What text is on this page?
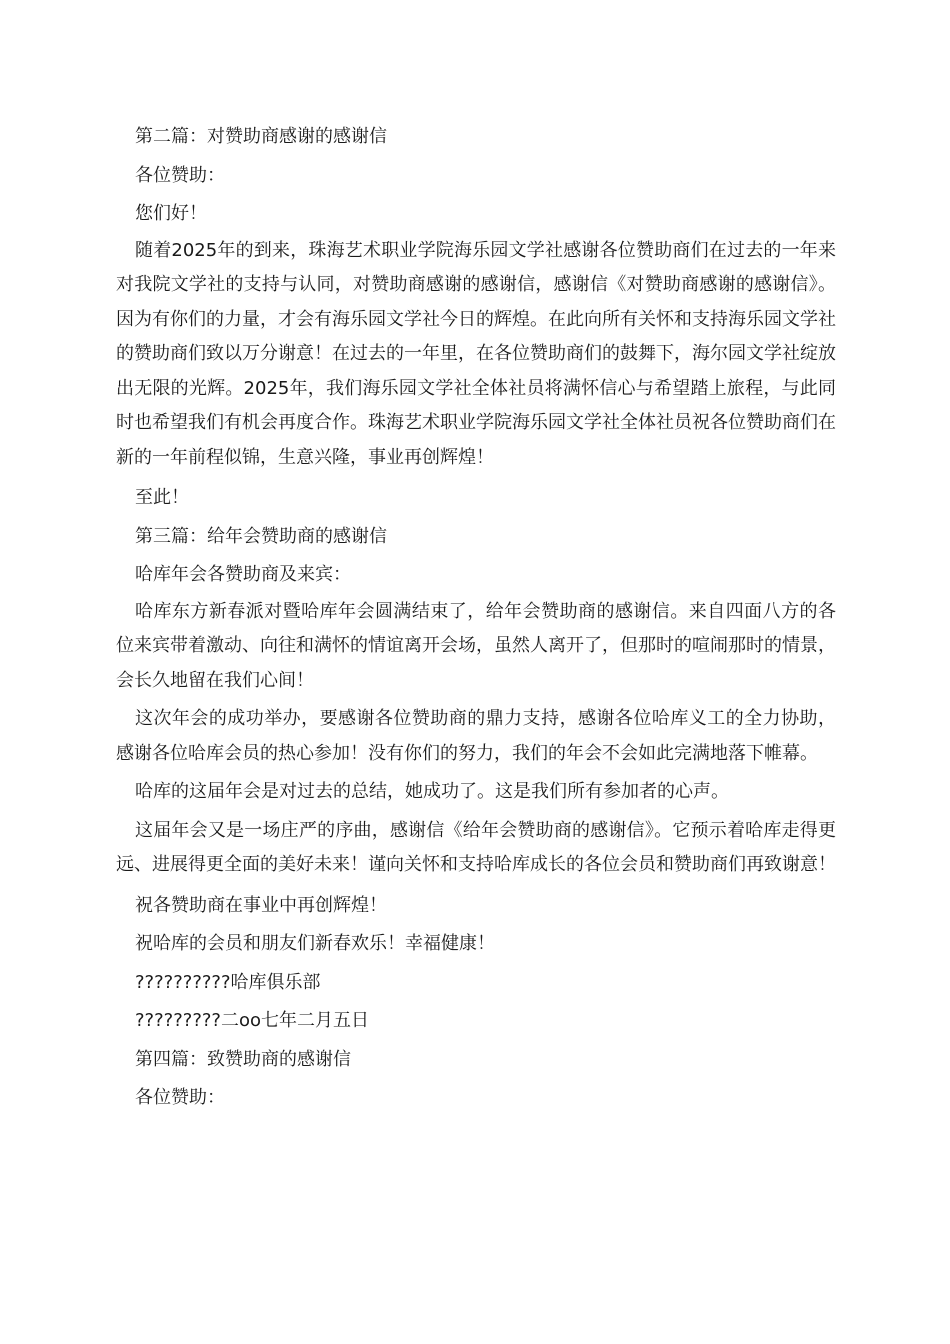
第二篇：对赞助商感谢的感谢信
各位赞助：
您们好！

随着2025年的到来，珠海艺术职业学院海乐园文学社感谢各位赞助商们在过去的一年来对我院文学社的支持与认同，对赞助商感谢的感谢信，感谢信《对赞助商感谢的感谢信》。因为有你们的力量，才会有海乐园文学社今日的辉煌。在此向所有关怀和支持海乐园文学社的赞助商们致以万分谢意！在过去的一年里，在各位赞助商们的鼓舞下，海尔园文学社绽放出无限的光辉。2025年，我们海乐园文学社全体社员将满怀信心与希望踏上旅程，与此同时也希望我们有机会再度合作。珠海艺术职业学院海乐园文学社全体社员祝各位赞助商们在新的一年前程似锦，生意兴隆，事业再创辉煌！

至此！
第三篇：给年会赞助商的感谢信
哈库年会各赞助商及来宾：

哈库东方新春派对暨哈库年会圆满结束了，给年会赞助商的感谢信。来自四面八方的各位来宾带着激动、向往和满怀的情谊离开会场，虽然人离开了，但那时的喧闹那时的情景，会长久地留在我们心间！

这次年会的成功举办，要感谢各位赞助商的鼎力支持，感谢各位哈库义工的全力协助，感谢各位哈库会员的热心参加！没有你们的努力，我们的年会不会如此完满地落下帷幕。

哈库的这届年会是对过去的总结，她成功了。这是我们所有参加者的心声。

这届年会又是一场庄严的序曲，感谢信《给年会赞助商的感谢信》。它预示着哈库走得更远、进展得更全面的美好未来！谨向关怀和支持哈库成长的各位会员和赞助商们再致谢意！

祝各赞助商在事业中再创辉煌！
祝哈库的会员和朋友们新春欢乐！幸福健康！
??????????哈库俱乐部
?????????二oo七年二月五日
第四篇：致赞助商的感谢信
各位赞助：
